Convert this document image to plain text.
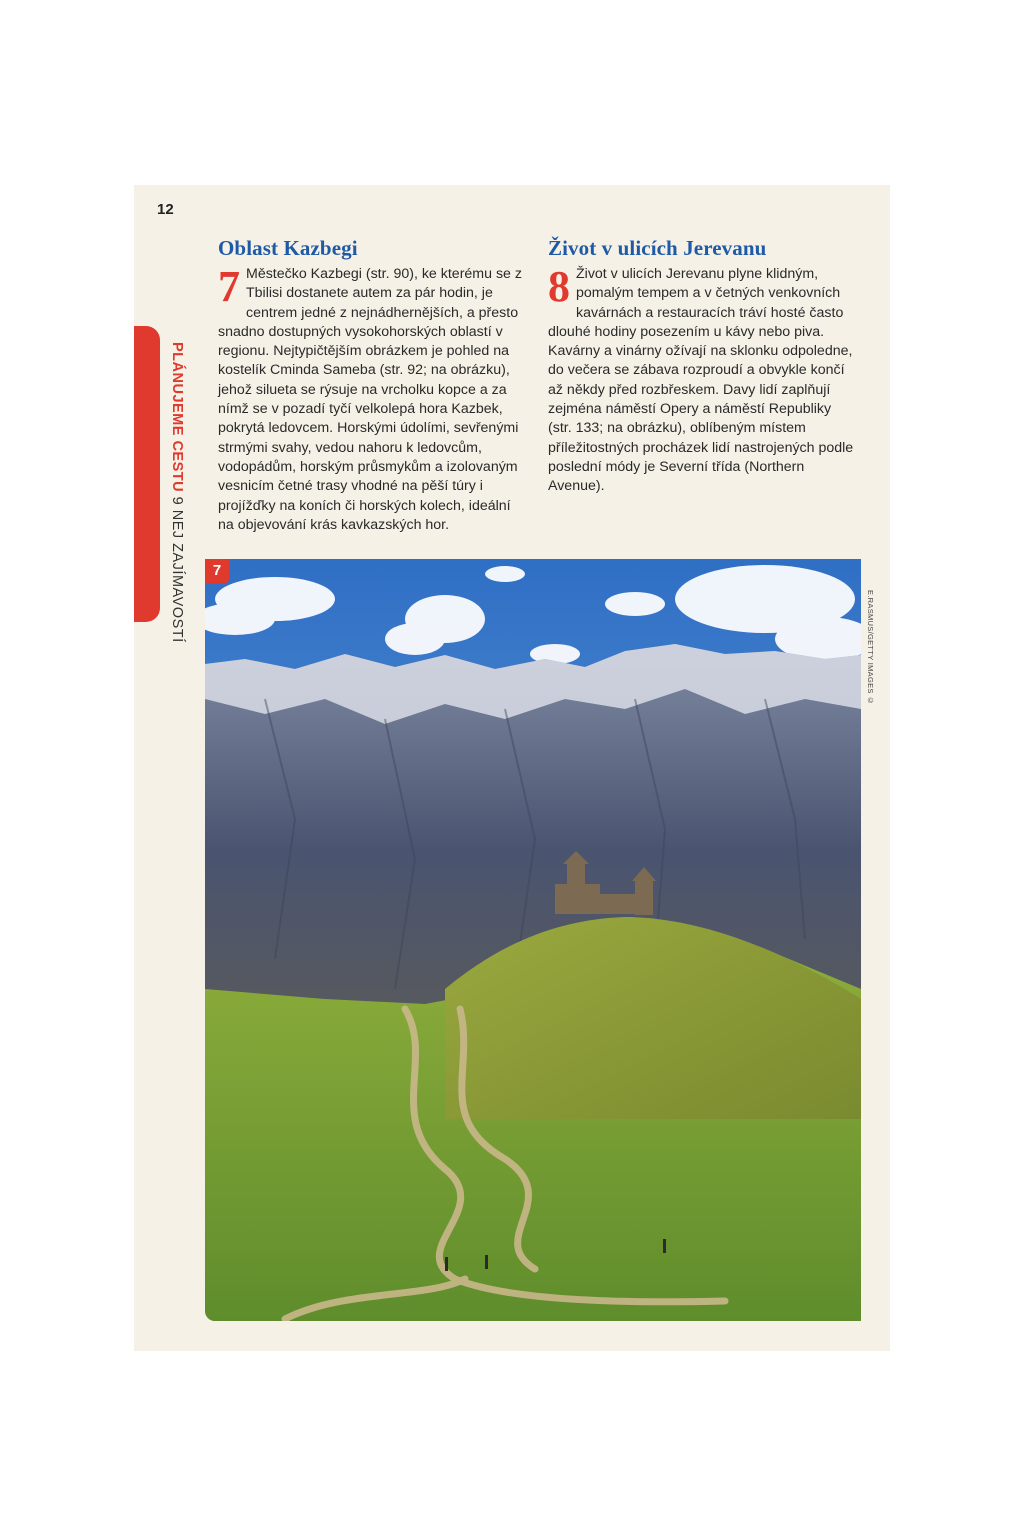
12
PLÁNUJEME CESTU 9 NEJ ZAJÍMAVOSTÍ
Oblast Kazbegi

7 Městečko Kazbegi (str. 90), ke kterému se z Tbilisi dostanete autem za pár hodin, je centrem jedné z nejnádhernějších, a přesto snadno dostupných vysokohorských oblastí v regionu. Nejtypičtějším obrázkem je pohled na kostelík Cminda Sameba (str. 92; na obrázku), jehož silueta se rýsuje na vrcholku kopce a za nímž se v pozadí tyčí velkolepá hora Kazbek, pokrytá ledovcem. Horskými údolími, sevřenými strmými svahy, vedou nahoru k ledovcům, vodopádům, horským průsmykům a izolovaným vesnicím četné trasy vhodné na pěší túry i projížďky na koních či horských kolech, ideální na objevování krás kavkazských hor.

Život v ulicích Jerevanu

8 Život v ulicích Jerevanu plyne klidným, pomalým tempem a v četných venkovních kavárnách a restauracích tráví hosté často dlouhé hodiny posezením u kávy nebo piva. Kavárny a vinárny ožívají na sklonku odpoledne, do večera se zábava rozproudí a obvykle končí až někdy před rozbřeskem. Davy lidí zaplňují zejména náměstí Opery a náměstí Republiky (str. 133; na obrázku), oblíbeným místem příležitostných procházek lidí nastrojených podle poslední módy je Severní třída (Northern Avenue).

7
E.RASMUS/GETTY IMAGES ©
